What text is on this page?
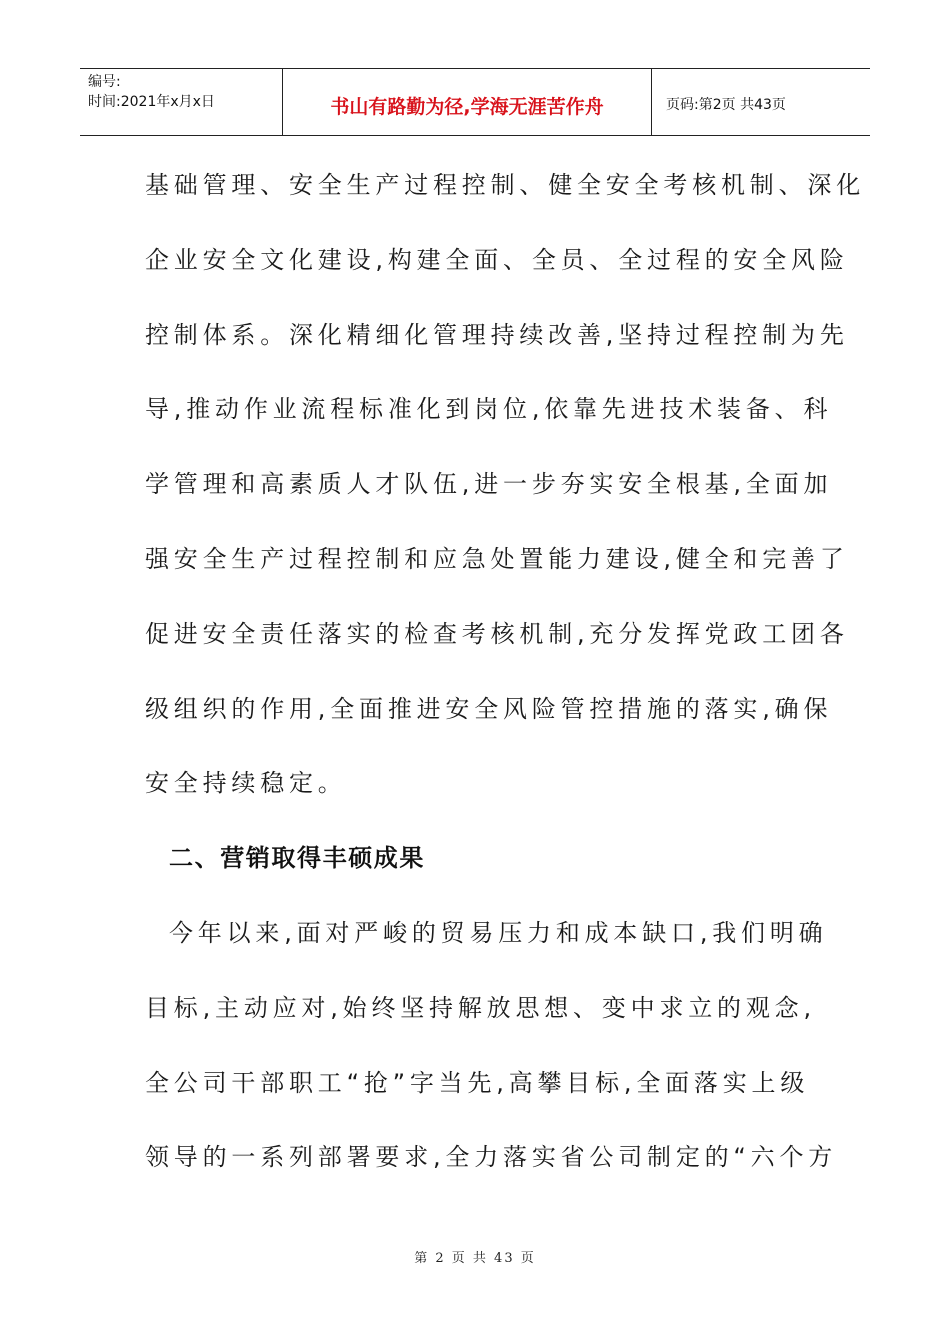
编号:
时间:2021年x月x日	书山有路勤为径,学海无涯苦作舟	页码:第2页 共43页
基础管理、安全生产过程控制、健全安全考核机制、深化
企业安全文化建设,构建全面、全员、全过程的安全风险
控制体系。深化精细化管理持续改善,坚持过程控制为先
导,推动作业流程标准化到岗位,依靠先进技术装备、科
学管理和高素质人才队伍,进一步夯实安全根基,全面加
强安全生产过程控制和应急处置能力建设,健全和完善了
促进安全责任落实的检查考核机制,充分发挥党政工团各
级组织的作用,全面推进安全风险管控措施的落实,确保
安全持续稳定。
二、营销取得丰硕成果
今年以来,面对严峻的贸易压力和成本缺口,我们明确
目标,主动应对,始终坚持解放思想、变中求立的观念,
全公司干部职工“抢”字当先,高攀目标,全面落实上级
领导的一系列部署要求,全力落实省公司制定的“六个方
第 2 页 共 43 页
